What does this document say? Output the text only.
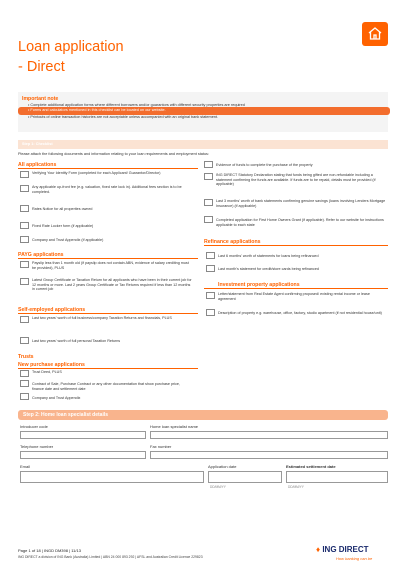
Loan application
- Direct
Important note
• Complete additional application forms where different borrowers and/or guarantors with different security properties are required
• Forms and calculators mentioned in this checklist can be located on our website.
• Printouts of online transaction histories are not acceptable unless accompanied with an original bank statement.
Step 1: Checklist
Please attach the following documents and information relating to your loan requirements and employment status:
All applications
Verifying Your Identity Form (completed for each Applicant/ Guarantor/Director)
Any applicable up-front fee (e.g. valuation, fixed rate lock in). Additional fees section is to be completed.
Rates Notice for all properties owned
Fixed Rate Locker form (if applicable)
Company and Trust Appendix (if applicable)
PAYG applications
Payslip less than 1 month old (if payslip does not contain ABN, evidence of salary crediting must be provided), PLUS
Latest Group Certificate or Taxation Return for all applicants who have been in their current job for 12 months or more. Last 2 years Group Certificate or Tax Returns required if less than 12 months in current job
Self-employed applications
Last two years' worth of full business/company Taxation Returns and financials, PLUS
Last two years' worth of full personal Taxation Returns
Trusts
New purchase applications
Trust Deed, PLUS
Contract of Sale, Purchase Contract or any other documentation that show purchase price, finance date and settlement date
Company and Trust Appendix
Evidence of funds to complete the purchase of the property
ING DIRECT Statutory Declaration stating that funds being gifted are non-refundable including a statement confirming the funds are available. If funds are to be repaid, details must be provided (if applicable)
Last 3 months' worth of bank statements confirming genuine savings (loans involving Lenders Mortgage Insurance) (if applicable)
Completed application for First Home Owners Grant (if applicable). Refer to our website for instructions applicable to each state
Refinance applications
Last 6 months' worth of statements for loans being refinanced
Last month's statement for credit/store cards being refinanced
Investment property applications
Letter/statement from Real Estate Agent confirming proposed/ existing rental income or lease agreement
Description of property e.g. warehouse, office, factory, studio apartment (if not residential house/unit)
Step 2: Home loan specialist details
Introducer code	Home loan specialist name
Telephone number	Fax number
Email	Application date
DD/MM/YY
Estimated settlement date
DD/MM/YY
Page 1 of 18 | INGD DM398 | 11/13
ING DIRECT a division of ING Bank (Australia) Limited | ABN 24 000 893 292 | AFSL and Australian Credit Licence 229823
♦ ING DIRECT
How banking can be
